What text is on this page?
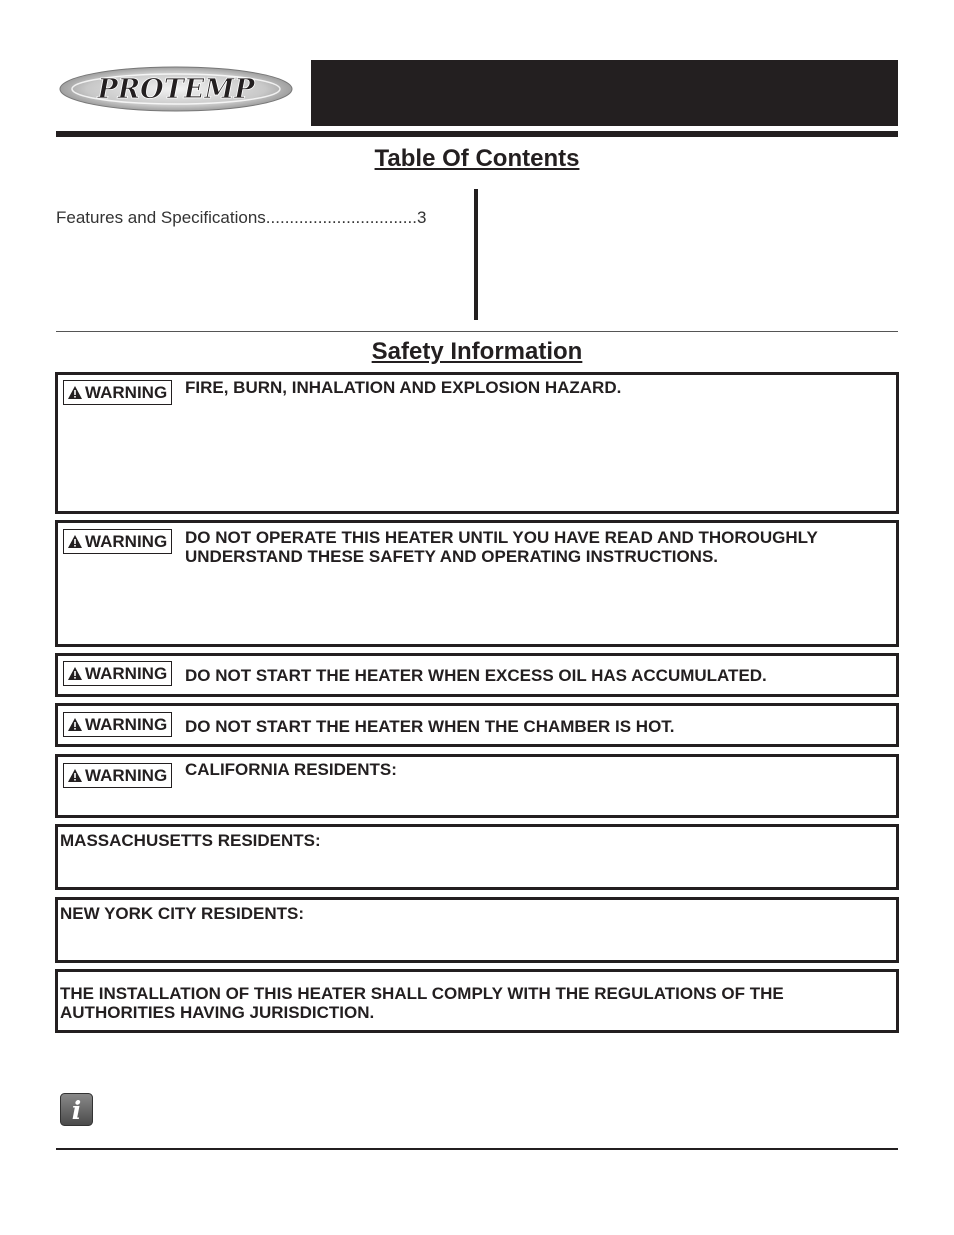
PROTEMP
Table Of Contents
Features and Specifications................................3
Safety Information
WARNING FIRE, BURN, INHALATION AND EXPLOSION HAZARD.

WARNING DO NOT OPERATE THIS HEATER UNTIL YOU HAVE READ AND THOROUGHLY UNDERSTAND THESE SAFETY AND OPERATING INSTRUCTIONS.

WARNING DO NOT START THE HEATER WHEN EXCESS OIL HAS ACCUMULATED.

WARNING DO NOT START THE HEATER WHEN THE CHAMBER IS HOT.

WARNING CALIFORNIA RESIDENTS:

MASSACHUSETTS RESIDENTS:

NEW YORK CITY RESIDENTS:

THE INSTALLATION OF THIS HEATER SHALL COMPLY WITH THE REGULATIONS OF THE AUTHORITIES HAVING JURISDICTION.

i
